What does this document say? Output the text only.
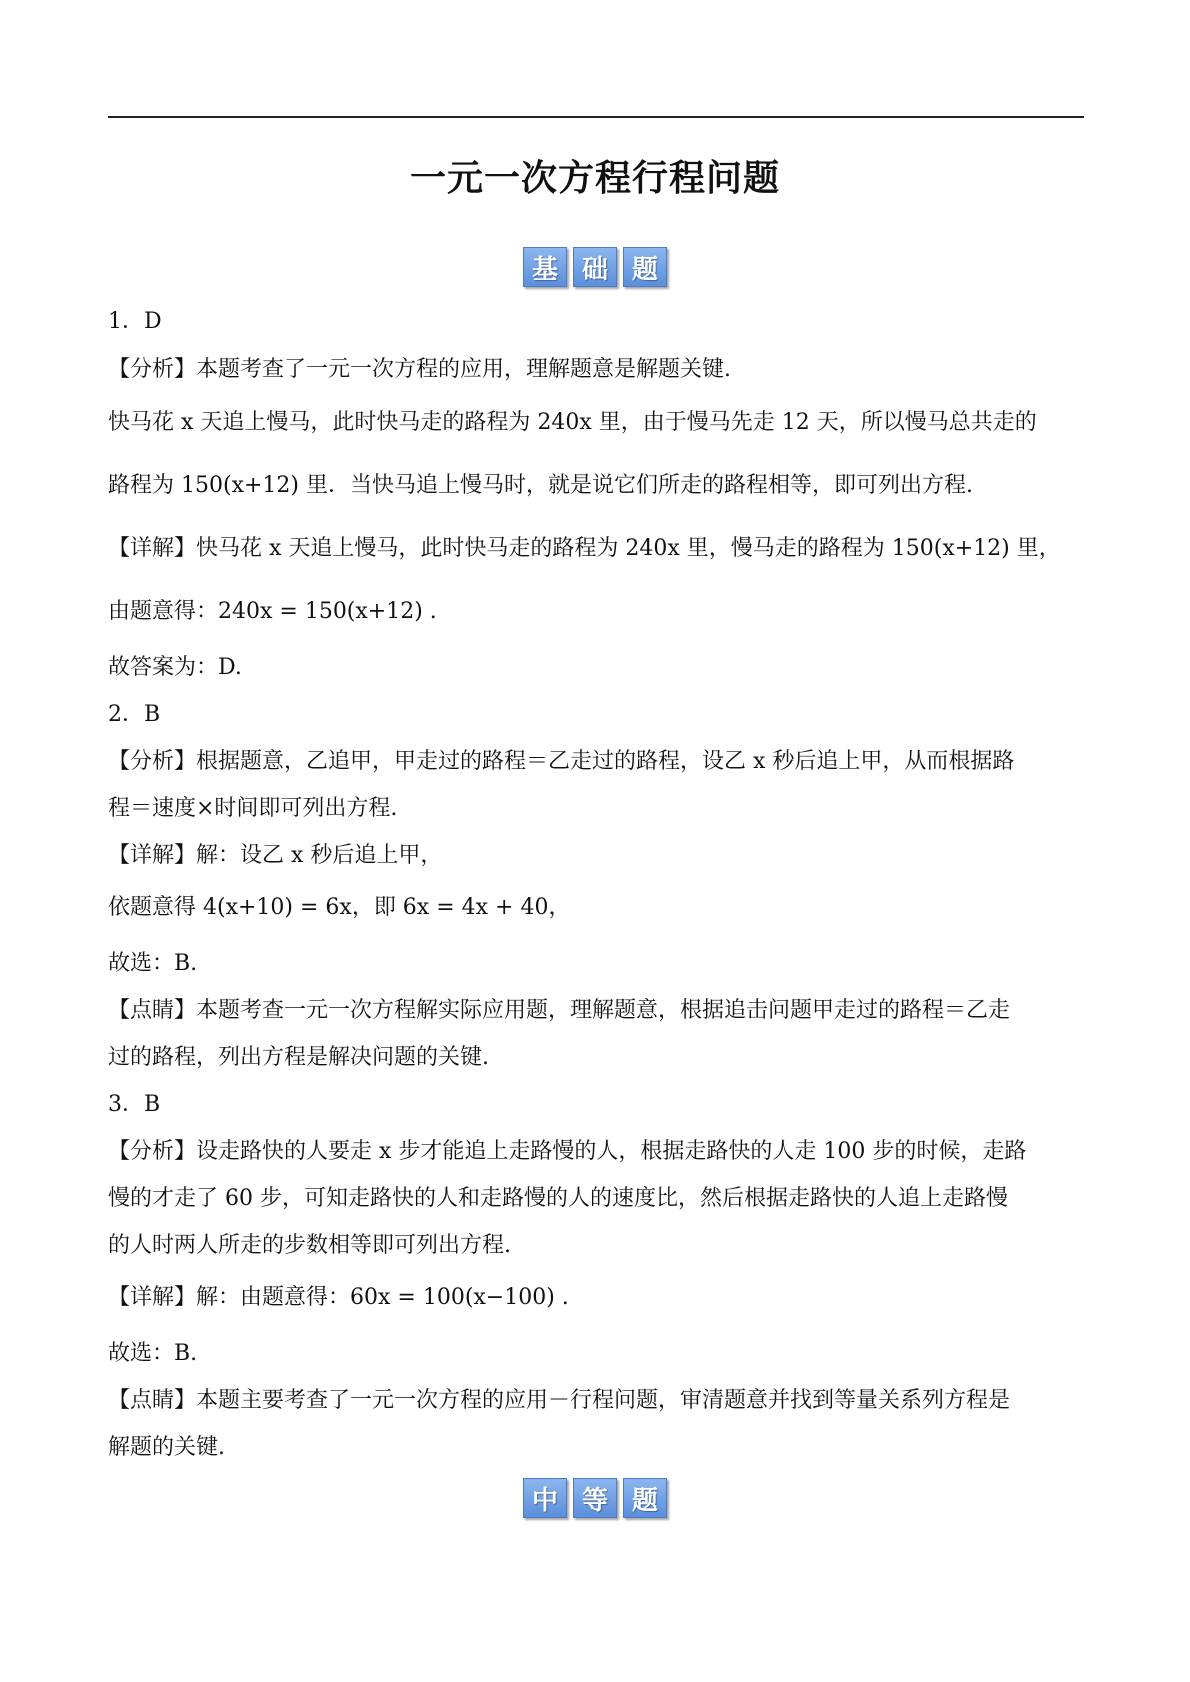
一元一次方程行程问题
基 础 题
1．D
【分析】本题考查了一元一次方程的应用，理解题意是解题关键.
快马花 x 天追上慢马，此时快马走的路程为 240x 里，由于慢马先走 12 天，所以慢马总共走的
路程为 150(x+12) 里．当快马追上慢马时，就是说它们所走的路程相等，即可列出方程.
【详解】快马花 x 天追上慢马，此时快马走的路程为 240x 里，慢马走的路程为 150(x+12) 里，
由题意得：240x = 150(x+12) .
故答案为：D.
2．B
【分析】根据题意，乙追甲，甲走过的路程＝乙走过的路程，设乙 x 秒后追上甲，从而根据路
程＝速度×时间即可列出方程.
【详解】解：设乙 x 秒后追上甲，
依题意得 4(x+10) = 6x，即 6x = 4x + 40，
故选：B.
【点睛】本题考查一元一次方程解实际应用题，理解题意，根据追击问题甲走过的路程＝乙走
过的路程，列出方程是解决问题的关键.
3．B
【分析】设走路快的人要走 x 步才能追上走路慢的人，根据走路快的人走 100 步的时候，走路
慢的才走了 60 步，可知走路快的人和走路慢的人的速度比，然后根据走路快的人追上走路慢
的人时两人所走的步数相等即可列出方程.
【详解】解：由题意得：60x = 100(x−100) .
故选：B.
【点睛】本题主要考查了一元一次方程的应用－行程问题，审清题意并找到等量关系列方程是
解题的关键.
中 等 题
